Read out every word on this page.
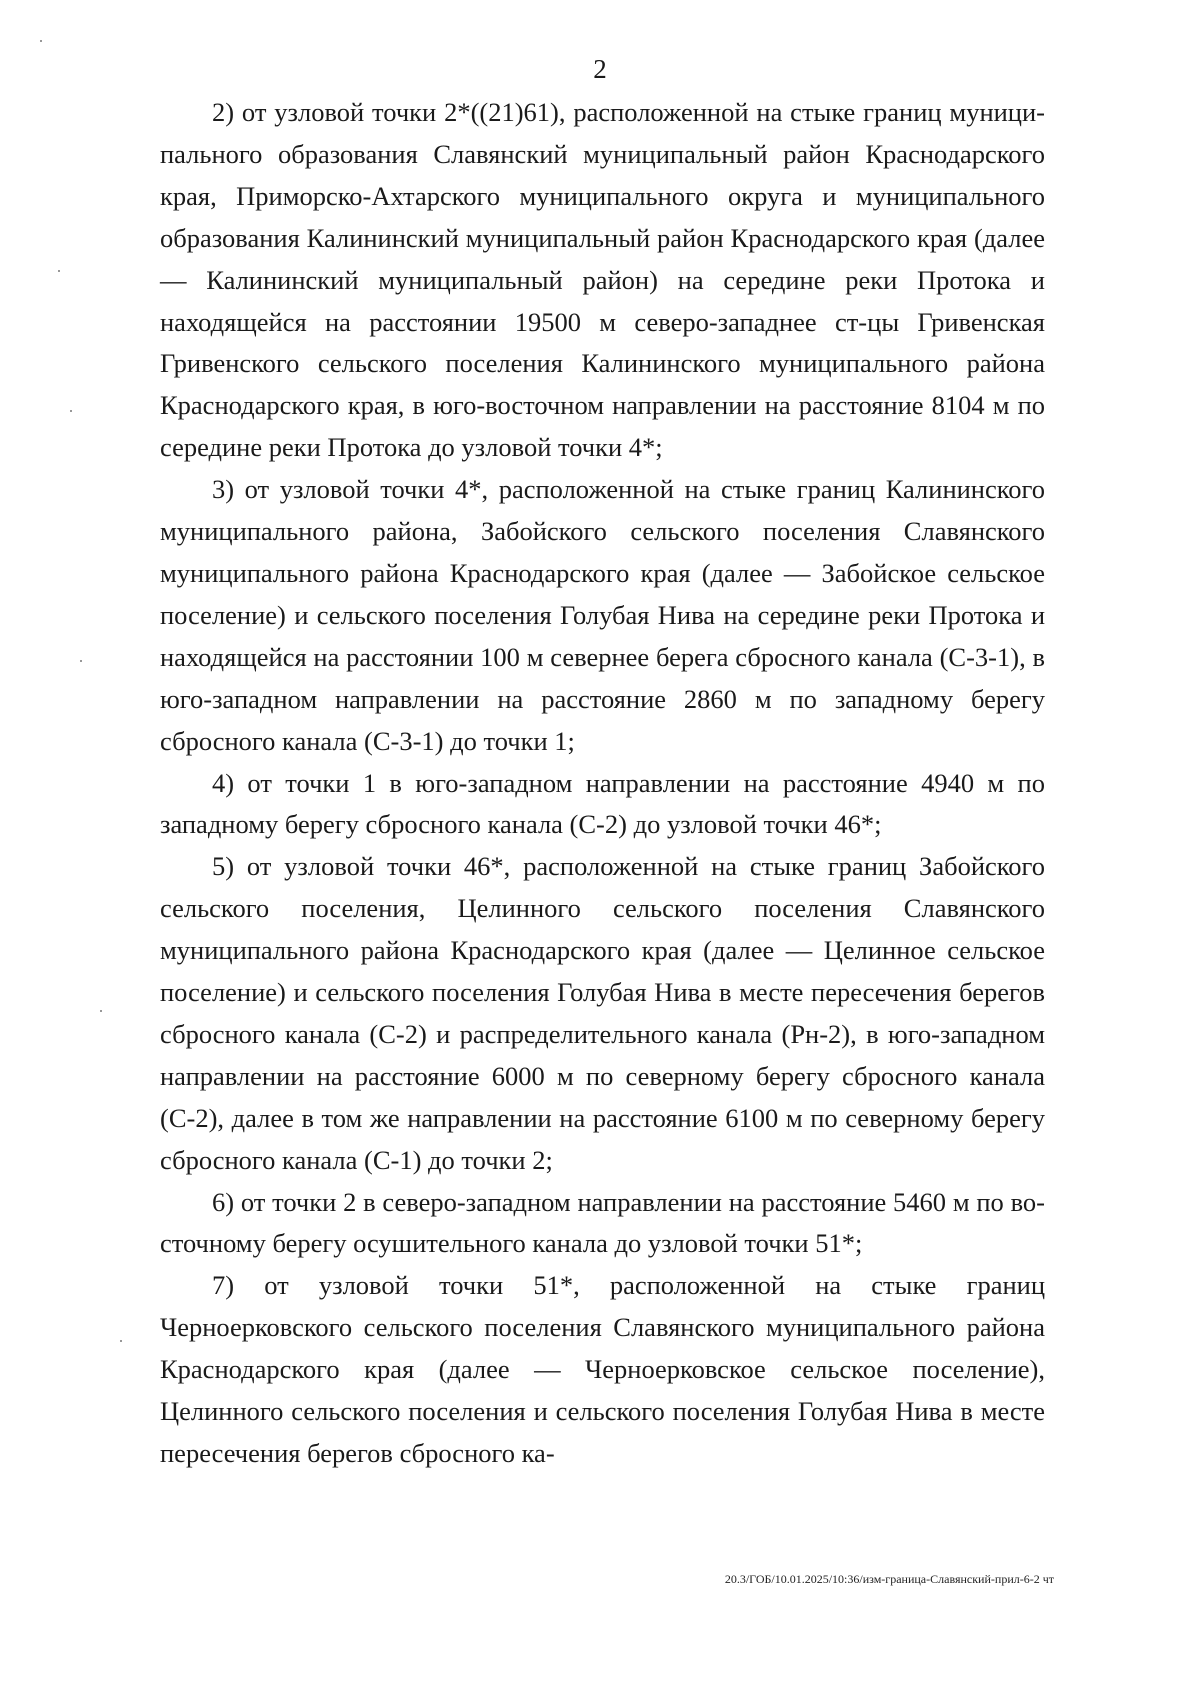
2

2) от узловой точки 2*((21)61), расположенной на стыке границ муниципального образования Славянский муниципальный район Краснодарского края, Приморско-Ахтарского муниципального округа и муниципального образования Калининский муниципальный район Краснодарского края (далее — Калининский муниципальный район) на середине реки Протока и находящейся на расстоянии 19500 м северо-западнее ст-цы Гривенская Гривенского сельского поселения Калининского муниципального района Краснодарского края, в юго-восточном направлении на расстояние 8104 м по середине реки Протока до узловой точки 4*;

3) от узловой точки 4*, расположенной на стыке границ Калининского муниципального района, Забойского сельского поселения Славянского муниципального района Краснодарского края (далее — Забойское сельское поселение) и сельского поселения Голубая Нива на середине реки Протока и находящейся на расстоянии 100 м севернее берега сбросного канала (С-3-1), в юго-западном направлении на расстояние 2860 м по западному берегу сбросного канала (С-3-1) до точки 1;

4) от точки 1 в юго-западном направлении на расстояние 4940 м по западному берегу сбросного канала (С-2) до узловой точки 46*;

5) от узловой точки 46*, расположенной на стыке границ Забойского сельского поселения, Целинного сельского поселения Славянского муниципального района Краснодарского края (далее — Целинное сельское поселение) и сельского поселения Голубая Нива в месте пересечения берегов сбросного канала (С-2) и распределительного канала (Рн-2), в юго-западном направлении на расстояние 6000 м по северному берегу сбросного канала (С-2), далее в том же направлении на расстояние 6100 м по северному берегу сбросного канала (С-1) до точки 2;

6) от точки 2 в северо-западном направлении на расстояние 5460 м по восточному берегу осушительного канала до узловой точки 51*;

7) от узловой точки 51*, расположенной на стыке границ Черноерковского сельского поселения Славянского муниципального района Краснодарского края (далее — Черноерковское сельское поселение), Целинного сельского поселения и сельского поселения Голубая Нива в месте пересечения берегов сбросного ка-

20.3/ГОБ/10.01.2025/10:36/изм-граница-Славянский-прил-6-2 чт
